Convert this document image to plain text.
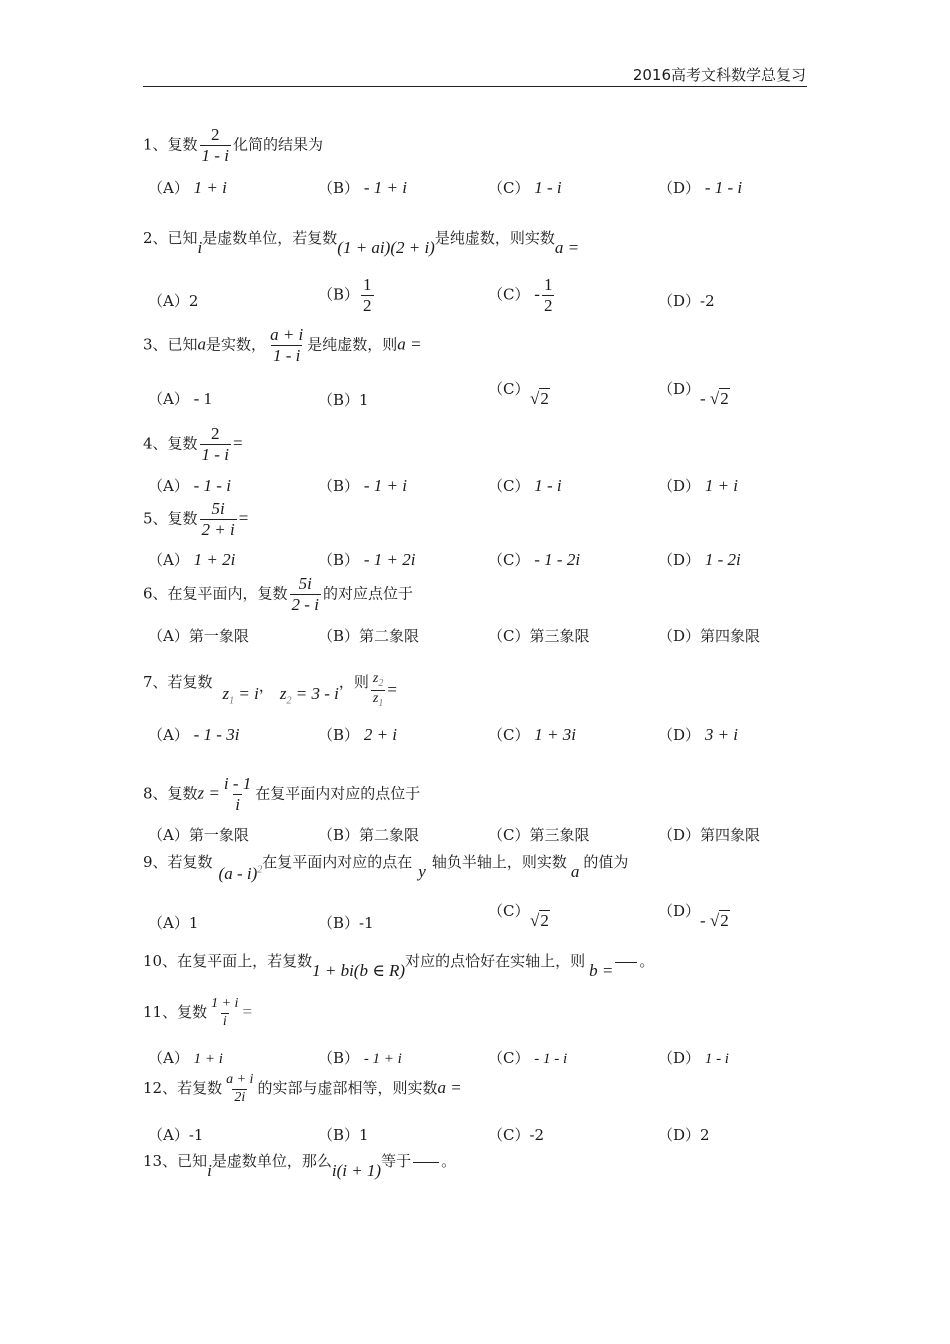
2016高考文科数学总复习
1、复数 $\frac{2}{1 - i}$ 化简的结果为
（A） 1 + i	（B） - 1 + i	（C） 1 - i	（D） - 1 - i
2、已知i是虚数单位，若复数(1 + ai)(2 + i)是纯虚数，则实数a =
（A）2	$(B) \frac{1}{2}$	$(C) - \frac{1}{2}$	（D）-2
3、已知a是实数， $\frac{a + i}{1 - i}$ 是纯虚数，则a =
（A） - 1	（B）1
（C） √2	（D） - √2
4、复数 $\frac{2}{1 - i}$ =
（A） - 1 - i	（B） - 1 + i	（C） 1 - i	（D） 1 + i
5、复数 $\frac{5i}{2 + i}$ =
（A） 1 + 2i	（B） - 1 + 2i	（C） - 1 - 2i	（D） 1 - 2i
6、在复平面内，复数 $\frac{5i}{2 - i}$ 的对应点位于
（A）第一象限	（B）第二象限	（C）第三象限	（D）第四象限
7、若复数$z_1 = i$， $z_2 = 3 - i$，则 $\frac{z_2}{z_1}$ =
（A） - 1 - 3i	（B） 2 + i	（C） 1 + 3i	（D） 3 + i
8、复数$z = \frac{i - 1}{i}$ 在复平面内对应的点位于
（A）第一象限	（B）第二象限	（C）第三象限	（D）第四象限
9、若复数(a - i)$^2$在复平面内对应的点在 y 轴负半轴上，则实数 a 的值为
（A）1	（B）-1
（C） √2	（D） - √2
10、在复平面上，若复数1 + bi(b ∈ R)对应的点恰好在实轴上，则 b = 。
11、复数 $\frac{1 + i}{i}$ =
（A） 1 + i	（B） - 1 + i	（C） - 1 - i	（D） 1 - i
12、若复数 $\frac{a + i}{2i}$ 的实部与虚部相等，则实数a =
（A）-1	（B）1	（C）-2	（D）2
13、已知i是虚数单位，那么i(i + 1)等于 。
